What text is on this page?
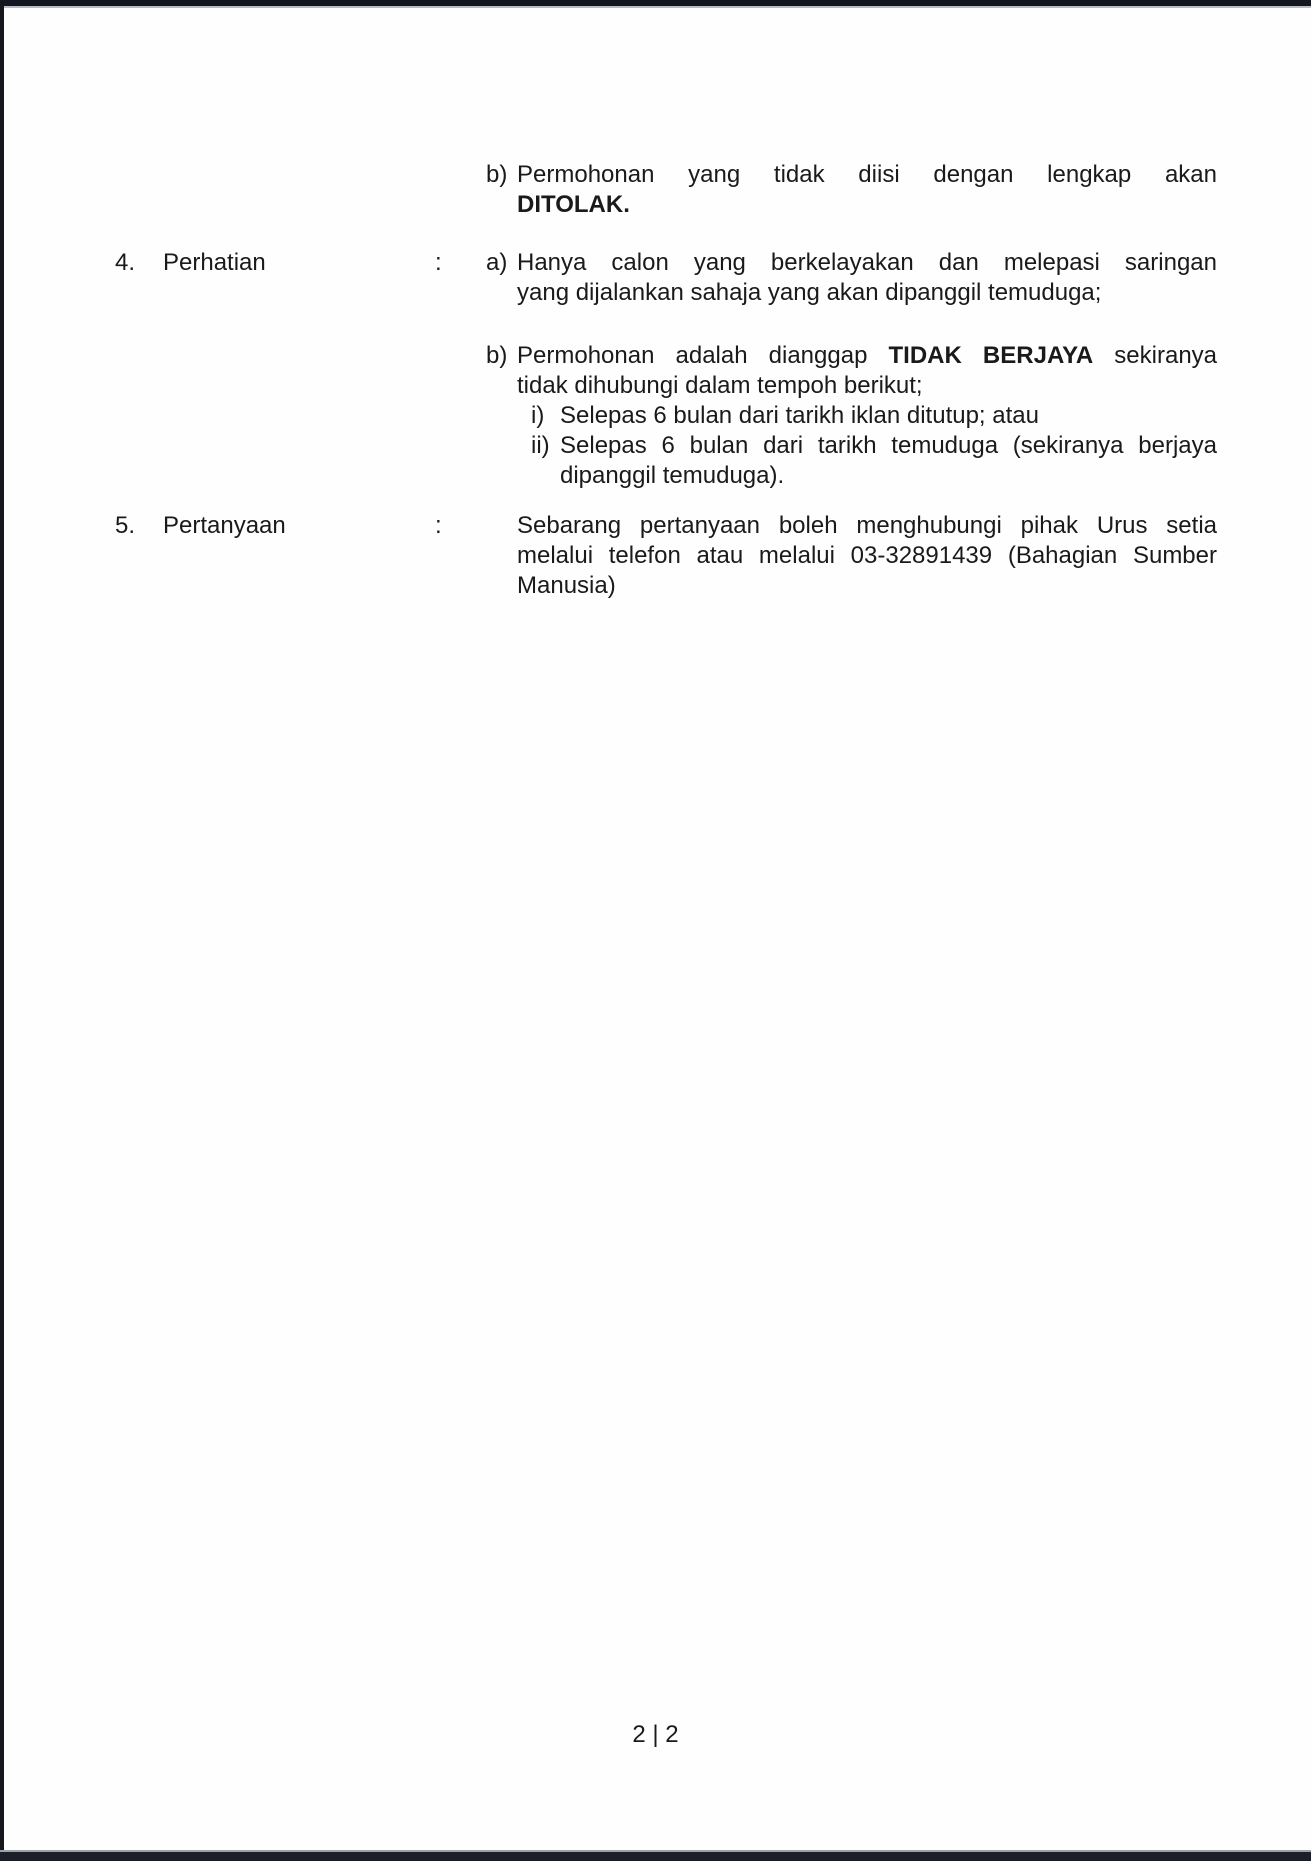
b) Permohonan yang tidak diisi dengan lengkap akan
DITOLAK.
4. Perhatian	: a) Hanya calon yang berkelayakan dan melepasi saringan
yang dijalankan sahaja yang akan dipanggil temuduga;
b) Permohonan adalah dianggap TIDAK BERJAYA sekiranya
tidak dihubungi dalam tempoh berikut;
i) Selepas 6 bulan dari tarikh iklan ditutup; atau
ii) Selepas 6 bulan dari tarikh temuduga (sekiranya berjaya
dipanggil temuduga).
5. Pertanyaan	:	Sebarang pertanyaan boleh menghubungi pihak Urus setia
melalui telefon atau melalui 03-32891439 (Bahagian Sumber
Manusia)
2 | 2
